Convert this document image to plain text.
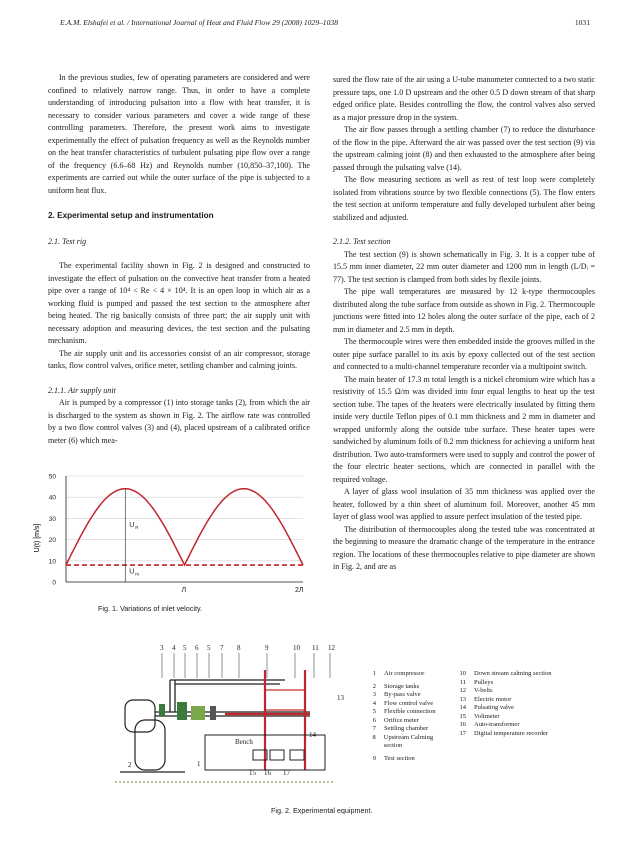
E.A.M. Elshafei et al. / International Journal of Heat and Fluid Flow 29 (2008) 1029–1038	1031

In the previous studies, few of operating parameters are considered and were confined to relatively narrow range. Thus, in order to have a complete understanding of introducing pulsation into a flow with heat transfer, it is necessary to consider various parameters and cover a wide range of these controlling parameters. Therefore, the present work aims to investigate experimentally the effect of pulsation frequency as well as the Reynolds number on the heat transfer characteristics of turbulent pulsating pipe flow over a range of the frequency (6.6–68 Hz) and Reynolds number (10,850–37,100). The experiments are carried out while the outer surface of the pipe is subjected to a uniform heat flux.

2. Experimental setup and instrumentation
2.1. Test rig

The experimental facility shown in Fig. 2 is designed and constructed to investigate the effect of pulsation on the convective heat transfer from a heated pipe over a range of 10⁴ < Re < 4 × 10⁴. It is an open loop in which air as a working fluid is pumped and passed the test section to the atmosphere after being heated. The rig basically consists of three part; the air supply unit with necessary adoption and measuring devices, the test section and the pulsating mechanism.

The air supply unit and its accessories consist of an air compressor, storage tanks, flow control valves, orifice meter, settling chamber and calming joints.

2.1.1. Air supply unit

Air is pumped by a compressor (1) into storage tanks (2), from which the air is discharged to the system as shown in Fig. 2. The airflow rate was controlled by a two flow control valves (3) and (4), placed upstream of a calibrated orifice meter (6) which mea-

sured the flow rate of the air using a U-tube manometer connected to a two static pressure taps, one 1.0 D upstream and the other 0.5 D down stream of that sharp edged orifice plate. Besides controlling the flow, the control valves also served as a major pressure drop in the system.

The air flow passes through a settling chamber (7) to reduce the disturbance of the flow in the pipe. Afterward the air was passed over the test section (9) via the upstream calming joint (8) and then exhausted to the atmosphere after being passed through the pulsating valve (14).

The flow measuring sections as well as rest of test loop were completely isolated from vibrations source by two flexible connections (5). The flow enters the test section at uniform temperature and fully developed turbulent after being stabilized and adjusted.

2.1.2. Test section

The test section (9) is shown schematically in Fig. 3. It is a copper tube of 15.5 mm inner diameter, 22 mm outer diameter and 1200 mm in length (L/Dᵢ = 77). The test section is clamped from both sides by flexile joints.

The pipe wall temperatures are measured by 12 k-type thermocouples distributed along the tube surface from outside as shown in Fig. 2. Thermocouple junctions were fitted into 12 holes along the outer surface of the pipe, each of 2 mm in diameter and 2.5 mm in depth.

The thermocouple wires were then embedded inside the grooves milled in the outer pipe surface parallel to its axis by epoxy collected out of the test section and connected to a multi-channel temperature recorder via a multipoint switch.

The main heater of 17.3 m total length is a nickel chromium wire which has a resistivity of 15.5 Ω/m was divided into four equal lengths to heat up the test section tube. The tapes of the heaters were electrically insulated by fitting them inside very ductile Teflon pipes of 0.1 mm thickness and 2 mm in diameter and wrapped uniformly along the outside tube surface. These heater tapes were sandwiched by aluminum foils of 0.2 mm thickness for achieving a uniform heat distribution. Two auto-transformers were used to supply and control the power of the four electric heater sections, which are connected in parallel with the required voltage.

A layer of glass wool insulation of 35 mm thickness was applied over the heater, followed by a thin sheet of aluminum foil. Moreover, another 45 mm layer of glass wool was applied to assure perfect insulation of the tested pipe.

The distribution of thermocouples along the tested tube was concentrated at the beginning to measure the dramatic change of the temperature in the entrance region. The locations of these thermocouples relative to pipe diameter are shown in Fig. 2, and are as

U(t) [m/s]
0
10
20
30
40
50
U R
U m
Л	2Л
Fig. 1. Variations of inlet velocity.
3 4 5 6 5 7 8	9	10 11 12
Bench
2	1
13
14
15 16 17
1 Air compressor
2 Storage tanks
3 By-pass valve
4 Flow control valve
5 Flexible connection
6 Orifice meter
7 Settling chamber
8 Upstream Calming section
9 Test section
10 Down stream calming section
11 Pulleys
12 V-belts
13 Electric motor
14 Pulsating valve
15 Voltmeter
16 Auto-transformer
17 Digital temperature recorder
Fig. 2. Experimental equipment.
